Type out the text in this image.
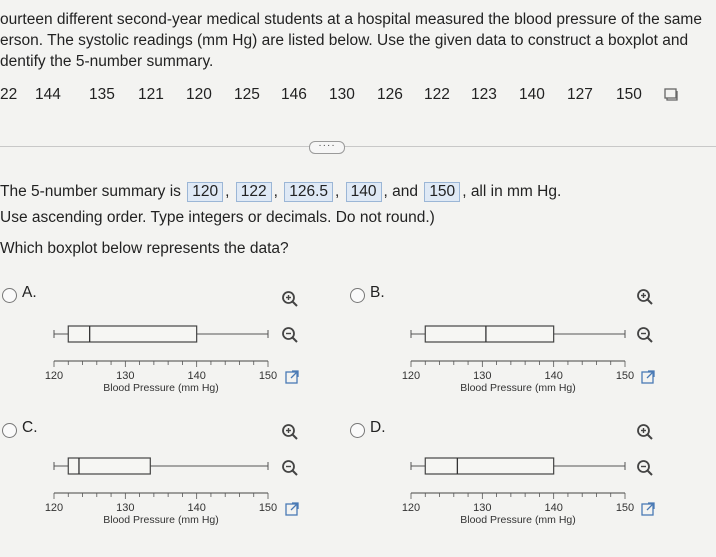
ourteen different second-year medical students at a hospital measured the blood pressure of the same
erson. The systolic readings (mm Hg) are listed below. Use the given data to construct a boxplot and
dentify the 5-number summary.
22 144 135 121 120 125 146 130 126 122 123 140 127 150
····
The 5-number summary is 120 , 122 , 126.5 , 140 , and 150 , all in mm Hg.
Use ascending order. Type integers or decimals. Do not round.)
Which boxplot below represents the data?
A.
120	130	140	150
Blood Pressure (mm Hg)
B.
120	130	140	150
Blood Pressure (mm Hg)
C.
120	130	140	150
Blood Pressure (mm Hg)
D.
120	130	140	150
Blood Pressure (mm Hg)
